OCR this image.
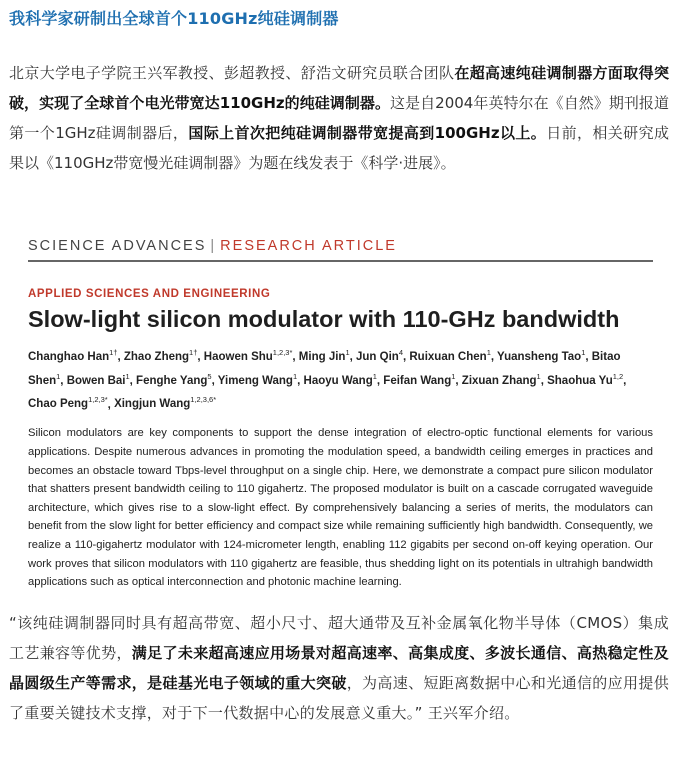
我科学家研制出全球首个110GHz纯硅调制器
北京大学电子学院王兴军教授、彭超教授、舒浩文研究员联合团队在超高速纯硅调制器方面取得突破，实现了全球首个电光带宽达110GHz的纯硅调制器。这是自2004年英特尔在《自然》期刊报道第一个1GHz硅调制器后，国际上首次把纯硅调制器带宽提高到100GHz以上。日前，相关研究成果以《110GHz带宽慢光硅调制器》为题在线发表于《科学·进展》。
SCIENCE ADVANCES | RESEARCH ARTICLE
APPLIED SCIENCES AND ENGINEERING
Slow-light silicon modulator with 110-GHz bandwidth
Changhao Han$^{1\dagger}$, Zhao Zheng$^{1\dagger}$, Haowen Shu$^{1,2,3*}$, Ming Jin$^1$, Jun Qin$^4$, Ruixuan Chen$^1$, Yuansheng Tao$^1$, Bitao Shen$^1$, Bowen Bai$^1$, Fenghe Yang$^5$, Yimeng Wang$^1$, Haoyu Wang$^1$, Feifan Wang$^1$, Zixuan Zhang$^1$, Shaohua Yu$^{1,2}$, Chao Peng$^{1,2,3*}$, Xingjun Wang$^{1,2,3,6*}$
Silicon modulators are key components to support the dense integration of electro-optic functional elements for various applications. Despite numerous advances in promoting the modulation speed, a bandwidth ceiling emerges in practices and becomes an obstacle toward Tbps-level throughput on a single chip. Here, we demonstrate a compact pure silicon modulator that shatters present bandwidth ceiling to 110 gigahertz. The proposed modulator is built on a cascade corrugated waveguide architecture, which gives rise to a slow-light effect. By comprehensively balancing a series of merits, the modulators can benefit from the slow light for better efficiency and compact size while remaining sufficiently high bandwidth. Consequently, we realize a 110-gigahertz modulator with 124-micrometer length, enabling 112 gigabits per second on-off keying operation. Our work proves that silicon modulators with 110 gigahertz are feasible, thus shedding light on its potentials in ultrahigh bandwidth applications such as optical interconnection and photonic machine learning.
“该纯硅调制器同时具有超高带宽、超小尺寸、超大通带及互补金属氧化物半导体（CMOS）集成工艺兼容等优势，满足了未来超高速应用场景对超高速率、高集成度、多波长通信、高热稳定性及晶圆级生产等需求，是硅基光电子领域的重大突破，为高速、短距离数据中心和光通信的应用提供了重要关键技术支撑，对于下一代数据中心的发展意义重大。” 王兴军介绍。
